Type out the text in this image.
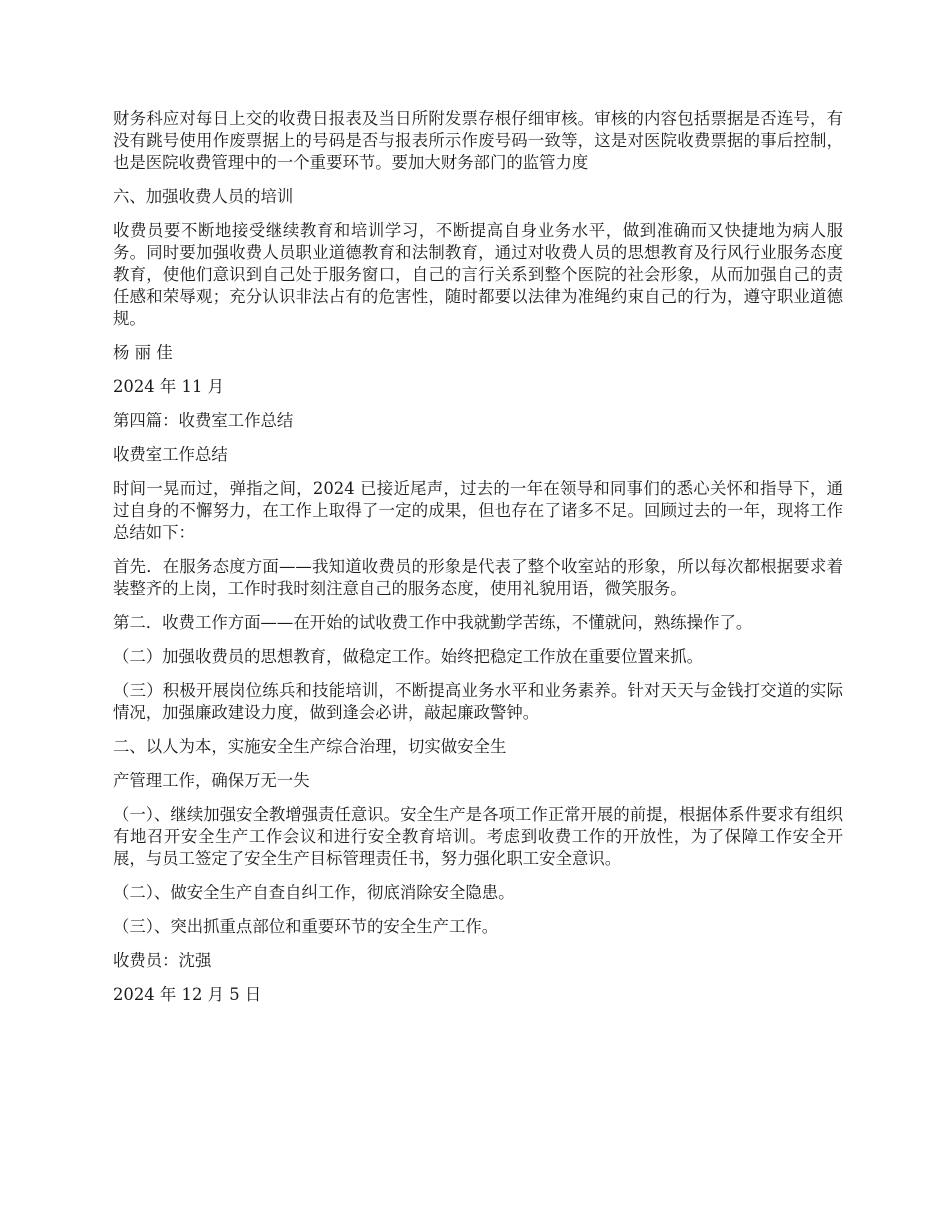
财务科应对每日上交的收费日报表及当日所附发票存根仔细审核。审核的内容包括票据是否连号，有没有跳号使用作废票据上的号码是否与报表所示作废号码一致等，这是对医院收费票据的事后控制，也是医院收费管理中的一个重要环节。要加大财务部门的监管力度

六、加强收费人员的培训

收费员要不断地接受继续教育和培训学习，不断提高自身业务水平，做到准确而又快捷地为病人服务。同时要加强收费人员职业道德教育和法制教育，通过对收费人员的思想教育及行风行业服务态度教育，使他们意识到自己处于服务窗口，自己的言行关系到整个医院的社会形象，从而加强自己的责任感和荣辱观；充分认识非法占有的危害性，随时都要以法律为准绳约束自己的行为，遵守职业道德规。

杨 丽 佳

2024 年 11 月

第四篇：收费室工作总结

收费室工作总结

时间一晃而过，弹指之间，2024 已接近尾声，过去的一年在领导和同事们的悉心关怀和指导下，通过自身的不懈努力，在工作上取得了一定的成果，但也存在了诸多不足。回顾过去的一年，现将工作总结如下：

首先．在服务态度方面——我知道收费员的形象是代表了整个收室站的形象，所以每次都根据要求着装整齐的上岗，工作时我时刻注意自己的服务态度，使用礼貌用语，微笑服务。

第二．收费工作方面——在开始的试收费工作中我就勤学苦练，不懂就问，熟练操作了。

（二）加强收费员的思想教育，做稳定工作。始终把稳定工作放在重要位置来抓。

（三）积极开展岗位练兵和技能培训，不断提高业务水平和业务素养。针对天天与金钱打交道的实际情况，加强廉政建设力度，做到逢会必讲，敲起廉政警钟。

二、以人为本，实施安全生产综合治理，切实做安全生

产管理工作，确保万无一失

（一）、继续加强安全教增强责任意识。安全生产是各项工作正常开展的前提，根据体系件要求有组织有地召开安全生产工作会议和进行安全教育培训。考虑到收费工作的开放性，为了保障工作安全开展，与员工签定了安全生产目标管理责任书，努力强化职工安全意识。

（二）、做安全生产自查自纠工作，彻底消除安全隐患。

（三）、突出抓重点部位和重要环节的安全生产工作。

收费员：沈强

2024 年 12 月 5 日
